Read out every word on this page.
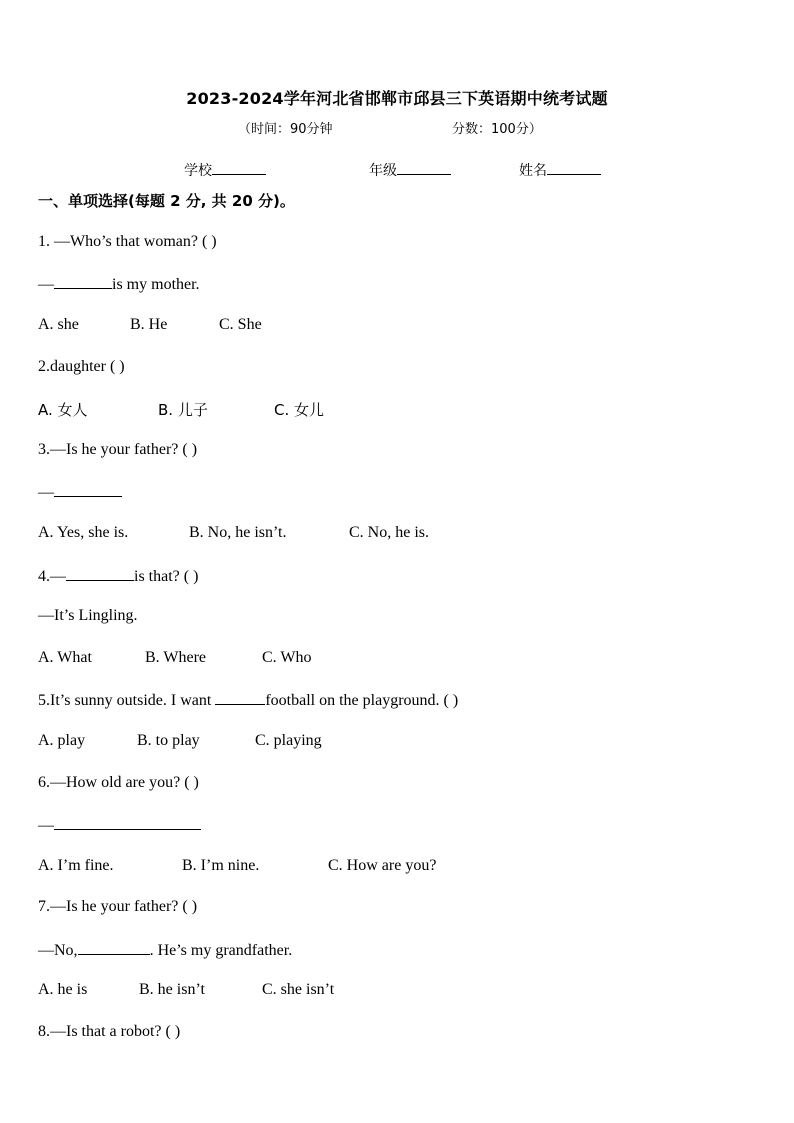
2023-2024学年河北省邯郸市邱县三下英语期中统考试题
（时间：90分钟	分数：100分）
学校	年级	姓名
一、单项选择(每题 2 分, 共 20 分)。
1. —Who’s that woman? ( )
—	is my mother.
A. she	B. He	C. She
2.daughter ( )
A. 女人	B. 儿子	C. 女儿
3.—Is he your father? ( )
—
A. Yes, she is.	B. No, he isn’t.	C. No, he is.
4.—	is that? ( )
—It’s Lingling.
A. What	B. Where	C. Who
5.It’s sunny outside. I want	football on the playground. ( )
A. play	B. to play	C. playing
6.—How old are you? ( )
—
A. I’m fine.	B. I’m nine.	C. How are you?
7.—Is he your father? ( )
—No,	. He’s my grandfather.
A. he is	B. he isn’t	C. she isn’t
8.—Is that a robot? ( )
